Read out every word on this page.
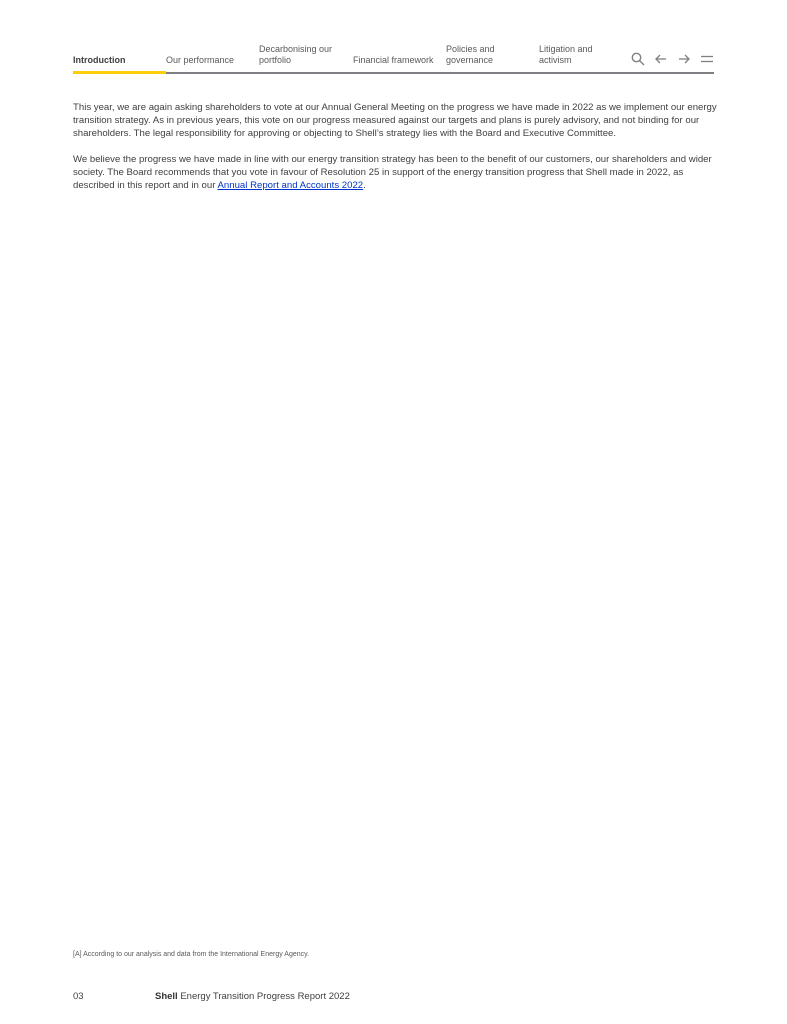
Introduction	Our performance
Decarbonising our portfolio	Financial framework
Policies and governance
Litigation and activism

This year, we are again asking shareholders to vote at our Annual General Meeting on the progress we have made in 2022 as we implement our energy transition strategy. As in previous years, this vote on our progress measured against our targets and plans is purely advisory, and not binding for our shareholders. The legal responsibility for approving or objecting to Shell’s strategy lies with the Board and Executive Committee.

We believe the progress we have made in line with our energy transition strategy has been to the benefit of our customers, our shareholders and wider society. The Board recommends that you vote in favour of Resolution 25 in support of the energy transition progress that Shell made in 2022, as described in this report and in our Annual Report and Accounts 2022.

[A] According to our analysis and data from the International Energy Agency.
03	Shell Energy Transition Progress Report 2022
